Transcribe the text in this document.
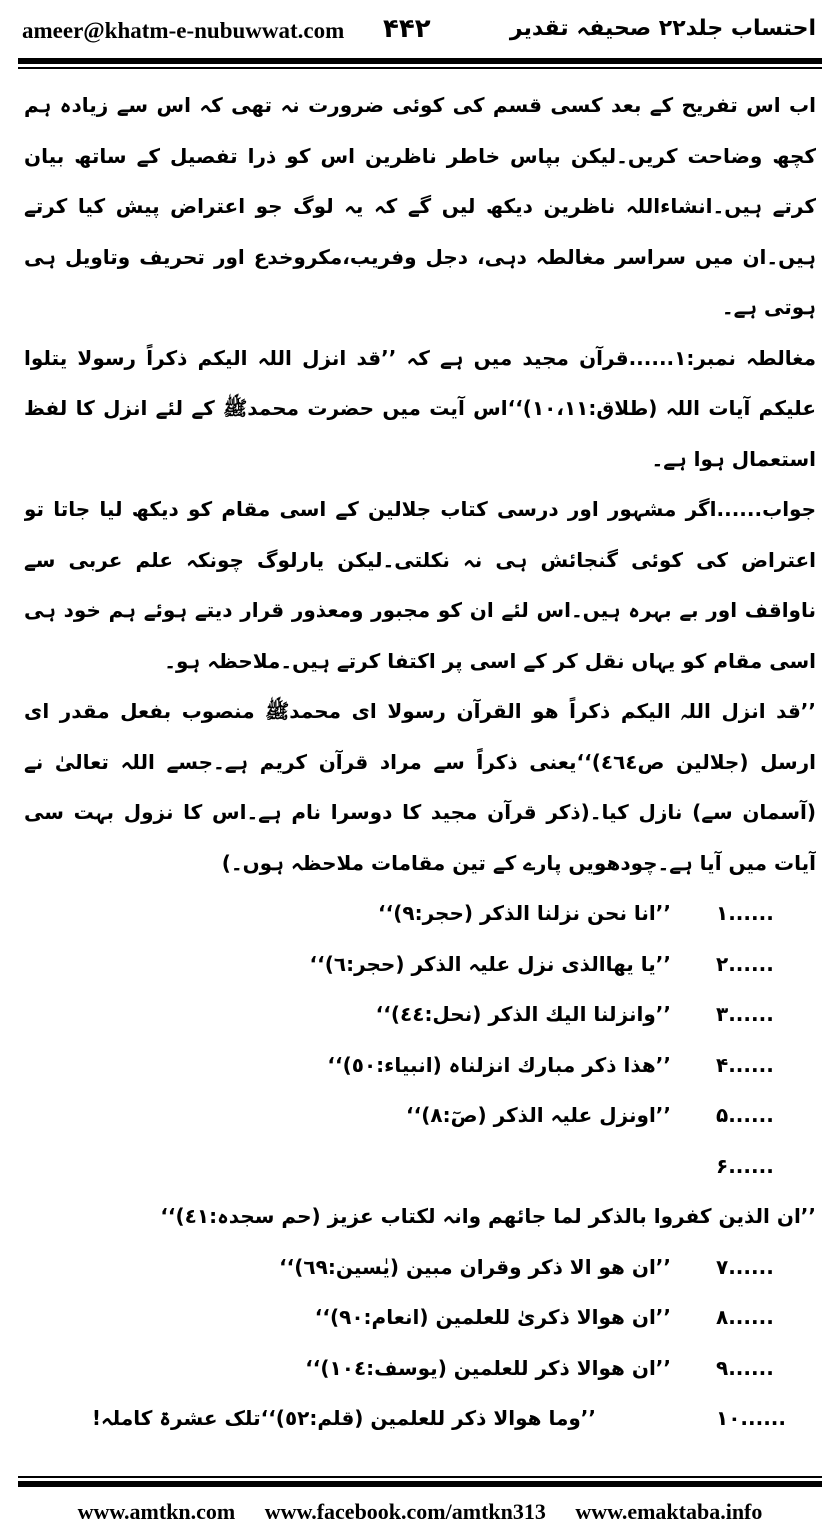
ameer@khatm-e-nubuwwat.com ۴۴۲	احتساب جلد۲۲ صحیفہ تقدیر

اب اس تفریح کے بعد کسی قسم کی کوئی ضرورت نہ تھی کہ اس سے زیادہ ہم کچھ وضاحت کریں۔لیکن بپاس خاطر ناظرین اس کو ذرا تفصیل کے ساتھ بیان کرتے ہیں۔انشاءاللہ ناظرین دیکھ لیں گے کہ یہ لوگ جو اعتراض پیش کیا کرتے ہیں۔ان میں سراسر مغالطہ دہی، دجل وفریب،مکروخدع اور تحریف وتاویل ہی ہوتی ہے۔

مغالطہ نمبر:۱......قرآن مجید میں ہے کہ ’’قد انزل اللہ الیکم ذکراً رسولا یتلوا علیکم آیات اللہ (طلاق:۱۰،۱۱)‘‘اس آیت میں حضرت محمدﷺ کے لئے انزل کا لفظ استعمال ہوا ہے۔

جواب......اگر مشہور اور درسی کتاب جلالین کے اسی مقام کو دیکھ لیا جاتا تو اعتراض کی کوئی گنجائش ہی نہ نکلتی۔لیکن یارلوگ چونکہ علم عربی سے ناواقف اور بے بہرہ ہیں۔اس لئے ان کو مجبور ومعذور قرار دیتے ہوئے ہم خود ہی اسی مقام کو یہاں نقل کر کے اسی پر اکتفا کرتے ہیں۔ملاحظہ ہو۔

’’قد انزل اللہ الیکم ذکراً ھو القرآن رسولا ای محمدﷺ منصوب بفعل مقدر ای ارسل (جلالین ص٤٦٤)‘‘یعنی ذکراً سے مراد قرآن کریم ہے۔جسے اللہ تعالیٰ نے (آسمان سے) نازل کیا۔(ذکر قرآن مجید کا دوسرا نام ہے۔اس کا نزول بہت سی آیات میں آیا ہے۔چودھویں پارے کے تین مقامات ملاحظہ ہوں۔)

۱......
’’انا نحن نزلنا الذکر (حجر:٩)‘‘
۲......
’’یا یھاالذی نزل علیہ الذکر (حجر:٦)‘‘
۳......
’’وانزلنا الیك الذکر (نحل:٤٤)‘‘
۴......
’’ھذا ذکر مبارك انزلناہ (انبیاء:٥٠)‘‘
۵......
’’اونزل علیہ الذکر (صٓ:٨)‘‘
۶...... ’’ان الذین کفروا بالذکر لما جائھم وانہ لکتاب عزیز (حم سجدہ:٤١)‘‘
۷......
’’ان ھو الا ذکر وقران مبین (یٰسین:٦٩)‘‘
۸......
’’ان ھوالا ذکریٰ للعلمین (انعام:٩٠)‘‘
۹......
’’ان ھوالا ذکر للعلمین (یوسف:١٠٤)‘‘
۱۰......
’’وما ھوالا ذکر للعلمین (قلم:٥٢)‘‘تلک عشرۃ کاملہ!
www.amtkn.com www.facebook.com/amtkn313 www.emaktaba.info
